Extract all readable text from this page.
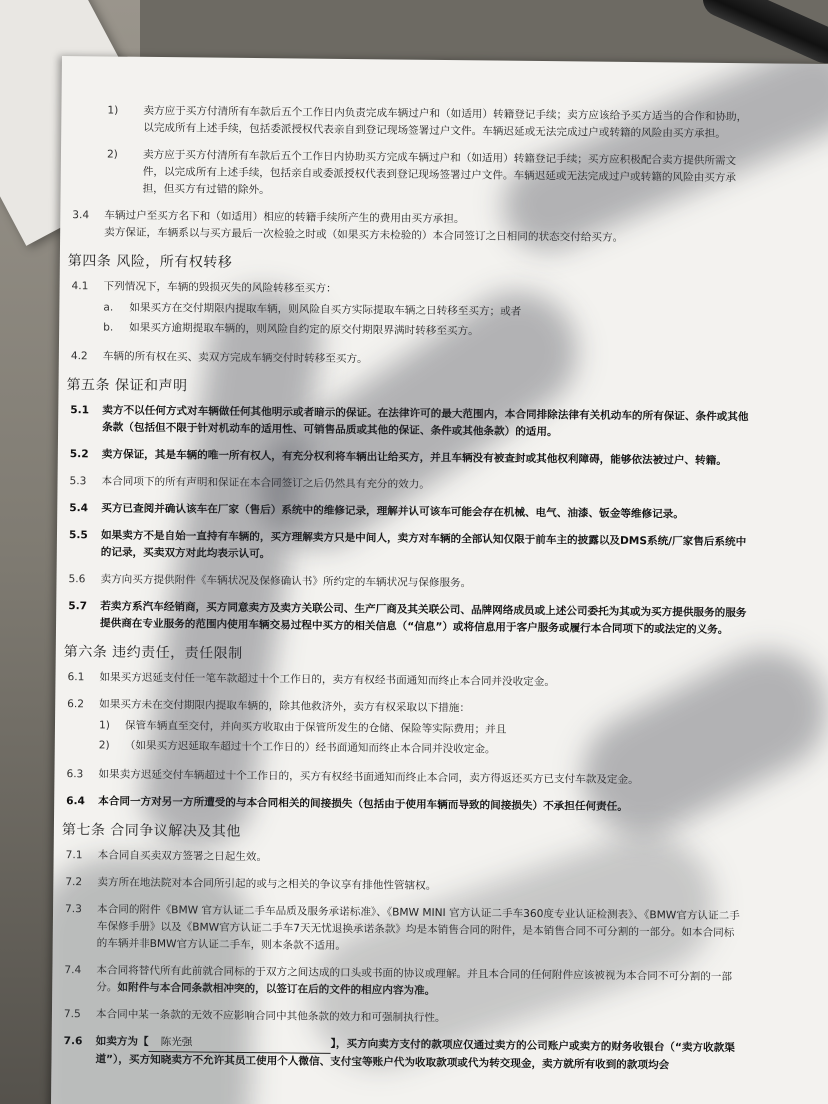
1)	卖方应于买方付清所有车款后五个工作日内负责完成车辆过户和（如适用）转籍登记手续；卖方应该给予买方适当的合作和协助，以完成所有上述手续，包括委派授权代表亲自到登记现场签署过户文件。车辆迟延或无法完成过户或转籍的风险由买方承担。
2)	卖方应于买方付清所有车款后五个工作日内协助买方完成车辆过户和（如适用）转籍登记手续；买方应积极配合卖方提供所需文件，以完成所有上述手续，包括亲自或委派授权代表到登记现场签署过户文件。车辆迟延或无法完成过户或转籍的风险由买方承担，但买方有过错的除外。
3.4	车辆过户至买方名下和（如适用）相应的转籍手续所产生的费用由买方承担。
卖方保证，车辆系以与买方最后一次检验之时或（如果买方未检验的）本合同签订之日相同的状态交付给买方。
第四条 风险，所有权转移
4.1	下列情况下，车辆的毁损灭失的风险转移至买方：
a.	如果买方在交付期限内提取车辆，则风险自买方实际提取车辆之日转移至买方；或者
b.	如果买方逾期提取车辆的，则风险自约定的原交付期限界满时转移至买方。
4.2	车辆的所有权在买、卖双方完成车辆交付时转移至买方。
第五条 保证和声明
5.1	卖方不以任何方式对车辆做任何其他明示或者暗示的保证。在法律许可的最大范围内，本合同排除法律有关机动车的所有保证、条件或其他条款（包括但不限于针对机动车的适用性、可销售品质或其他的保证、条件或其他条款）的适用。
5.2	卖方保证，其是车辆的唯一所有权人，有充分权利将车辆出让给买方，并且车辆没有被查封或其他权利障碍，能够依法被过户、转籍。
5.3	本合同项下的所有声明和保证在本合同签订之后仍然具有充分的效力。
5.4	买方已查阅并确认该车在厂家（售后）系统中的维修记录，理解并认可该车可能会存在机械、电气、油漆、钣金等维修记录。
5.5	如果卖方不是自始一直持有车辆的，买方理解卖方只是中间人，卖方对车辆的全部认知仅限于前车主的披露以及DMS系统/厂家售后系统中的记录，买卖双方对此均表示认可。
5.6	卖方向买方提供附件《车辆状况及保修确认书》所约定的车辆状况与保修服务。
5.7	若卖方系汽车经销商，买方同意卖方及卖方关联公司、生产厂商及其关联公司、品牌网络成员或上述公司委托为其或为买方提供服务的服务提供商在专业服务的范围内使用车辆交易过程中买方的相关信息（“信息”）或将信息用于客户服务或履行本合同项下的或法定的义务。
第六条 违约责任，责任限制
6.1	如果买方迟延支付任一笔车款超过十个工作日的，卖方有权经书面通知而终止本合同并没收定金。
6.2	如果买方未在交付期限内提取车辆的，除其他救济外，卖方有权采取以下措施：
1)	保管车辆直至交付，并向买方收取由于保管所发生的仓储、保险等实际费用；并且
2)	（如果买方迟延取车超过十个工作日的）经书面通知而终止本合同并没收定金。
6.3	如果卖方迟延交付车辆超过十个工作日的，买方有权经书面通知而终止本合同，卖方得返还买方已支付车款及定金。
6.4	本合同一方对另一方所遭受的与本合同相关的间接损失（包括由于使用车辆而导致的间接损失）不承担任何责任。
第七条 合同争议解决及其他
7.1	本合同自买卖双方签署之日起生效。
7.2	卖方所在地法院对本合同所引起的或与之相关的争议享有排他性管辖权。
7.3	本合同的附件《BMW 官方认证二手车品质及服务承诺标准》、《BMW MINI 官方认证二手车360度专业认证检测表》、《BMW官方认证二手车保修手册》以及《BMW官方认证二手车7天无忧退换承诺条款》均是本销售合同的附件，是本销售合同不可分割的一部分。如本合同标的车辆并非BMW官方认证二手车，则本条款不适用。
7.4	本合同将替代所有此前就合同标的于双方之间达成的口头或书面的协议或理解。并且本合同的任何附件应该被视为本合同不可分割的一部分。如附件与本合同条款相冲突的，以签订在后的文件的相应内容为准。
7.5	本合同中某一条款的无效不应影响合同中其他条款的效力和可强制执行性。
7.6	如卖方为【 陈光强	】，买方向卖方支付的款项应仅通过卖方的公司账户或卖方的财务收银台（“卖方收款渠道”），买方知晓卖方不允许其员工使用个人微信、支付宝等账户代为收取款项或代为转交现金，卖方就所有收到的款项均会
